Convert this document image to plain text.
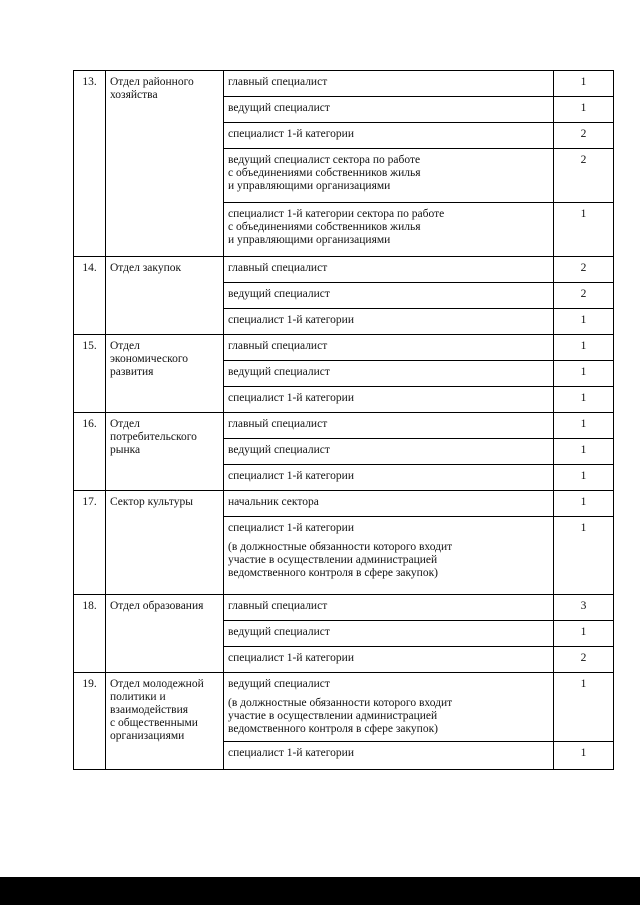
13.	Отдел районного
хозяйства	главный специалист	1

		ведущий специалист	1

		специалист 1-й категории	2

		ведущий специалист сектора по работе
с объединениями собственников жилья
и управляющими организациями	2

		специалист 1-й категории сектора по работе
с объединениями собственников жилья
и управляющими организациями	1
14.	Отдел закупок	главный специалист	2

		ведущий специалист	2

		специалист 1-й категории	1
15.	Отдел
экономического
развития	главный специалист	1

		ведущий специалист	1

		специалист 1-й категории	1
16.	Отдел
потребительского
рынка	главный специалист	1

		ведущий специалист	1

		специалист 1-й категории	1
17.	Сектор культуры	начальник сектора	1

		специалист 1-й категории
(в должностные обязанности которого входит
участие в осуществлении администрацией
ведомственного контроля в сфере закупок)	1
18.	Отдел образования	главный специалист	3

		ведущий специалист	1

		специалист 1-й категории	2
19.	Отдел молодежной
политики и
взаимодействия
с общественными
организациями	ведущий специалист
(в должностные обязанности которого входит
участие в осуществлении администрацией
ведомственного контроля в сфере закупок)	1

		специалист 1-й категории	1
